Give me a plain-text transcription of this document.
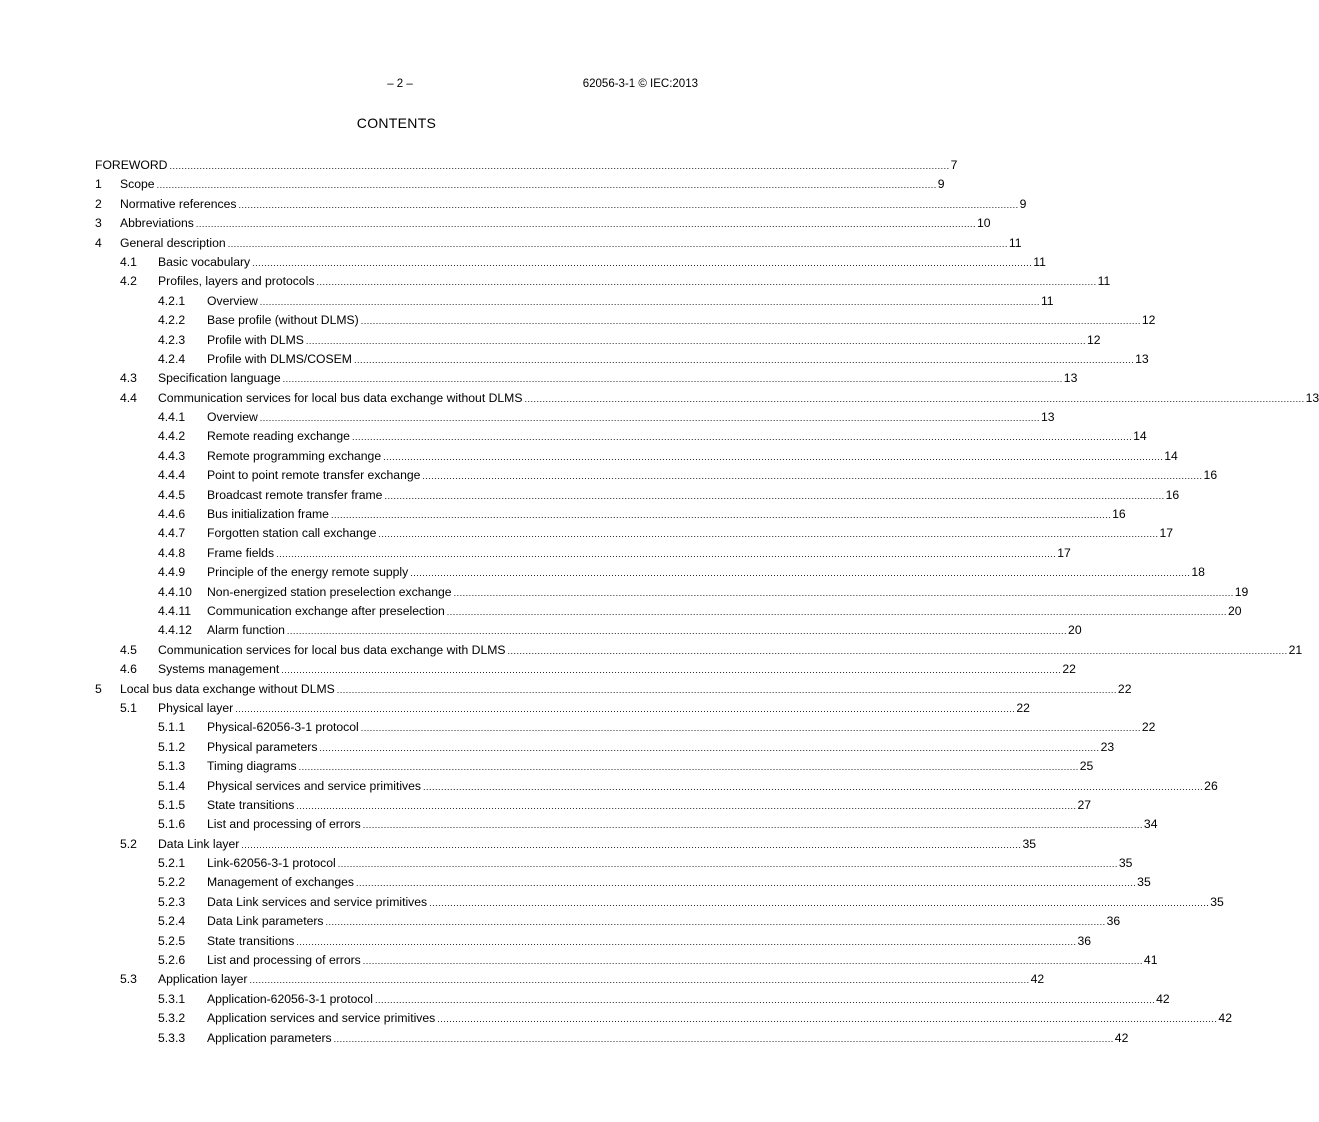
– 2 –	62056-3-1 © IEC:2013
CONTENTS
FOREWORD .................................................................................................................................................................................................................................................................... 7
1	Scope .................................................................................................................................................................................................................................................................... 9
2	Normative references .................................................................................................................................................................................................................................................................... 9
3	Abbreviations .................................................................................................................................................................................................................................................................... 10
4	General description .................................................................................................................................................................................................................................................................... 11
4.1	Basic vocabulary .................................................................................................................................................................................................................................................................... 11
4.2	Profiles, layers and protocols .................................................................................................................................................................................................................................................................... 11
4.2.1	Overview .................................................................................................................................................................................................................................................................... 11
4.2.2	Base profile (without DLMS) .................................................................................................................................................................................................................................................................... 12
4.2.3	Profile with DLMS .................................................................................................................................................................................................................................................................... 12
4.2.4	Profile with DLMS/COSEM .................................................................................................................................................................................................................................................................... 13
4.3	Specification language .................................................................................................................................................................................................................................................................... 13
4.4	Communication services for local bus data exchange without DLMS .................................................................................................................................................................................................................................................................... 13
4.4.1	Overview .................................................................................................................................................................................................................................................................... 13
4.4.2	Remote reading exchange .................................................................................................................................................................................................................................................................... 14
4.4.3	Remote programming exchange .................................................................................................................................................................................................................................................................... 14
4.4.4	Point to point remote transfer exchange .................................................................................................................................................................................................................................................................... 16
4.4.5	Broadcast remote transfer frame .................................................................................................................................................................................................................................................................... 16
4.4.6	Bus initialization frame .................................................................................................................................................................................................................................................................... 16
4.4.7	Forgotten station call exchange .................................................................................................................................................................................................................................................................... 17
4.4.8	Frame fields .................................................................................................................................................................................................................................................................... 17
4.4.9	Principle of the energy remote supply .................................................................................................................................................................................................................................................................... 18
4.4.10	Non-energized station preselection exchange .................................................................................................................................................................................................................................................................... 19
4.4.11	Communication exchange after preselection .................................................................................................................................................................................................................................................................... 20
4.4.12	Alarm function .................................................................................................................................................................................................................................................................... 20
4.5	Communication services for local bus data exchange with DLMS .................................................................................................................................................................................................................................................................... 21
4.6	Systems management .................................................................................................................................................................................................................................................................... 22
5	Local bus data exchange without DLMS .................................................................................................................................................................................................................................................................... 22
5.1	Physical layer .................................................................................................................................................................................................................................................................... 22
5.1.1	Physical-62056-3-1 protocol .................................................................................................................................................................................................................................................................... 22
5.1.2	Physical parameters .................................................................................................................................................................................................................................................................... 23
5.1.3	Timing diagrams .................................................................................................................................................................................................................................................................... 25
5.1.4	Physical services and service primitives .................................................................................................................................................................................................................................................................... 26
5.1.5	State transitions .................................................................................................................................................................................................................................................................... 27
5.1.6	List and processing of errors .................................................................................................................................................................................................................................................................... 34
5.2	Data Link layer .................................................................................................................................................................................................................................................................... 35
5.2.1	Link-62056-3-1 protocol .................................................................................................................................................................................................................................................................... 35
5.2.2	Management of exchanges .................................................................................................................................................................................................................................................................... 35
5.2.3	Data Link services and service primitives .................................................................................................................................................................................................................................................................... 35
5.2.4	Data Link parameters .................................................................................................................................................................................................................................................................... 36
5.2.5	State transitions .................................................................................................................................................................................................................................................................... 36
5.2.6	List and processing of errors .................................................................................................................................................................................................................................................................... 41
5.3	Application layer .................................................................................................................................................................................................................................................................... 42
5.3.1	Application-62056-3-1 protocol .................................................................................................................................................................................................................................................................... 42
5.3.2	Application services and service primitives .................................................................................................................................................................................................................................................................... 42
5.3.3	Application parameters .................................................................................................................................................................................................................................................................... 42
